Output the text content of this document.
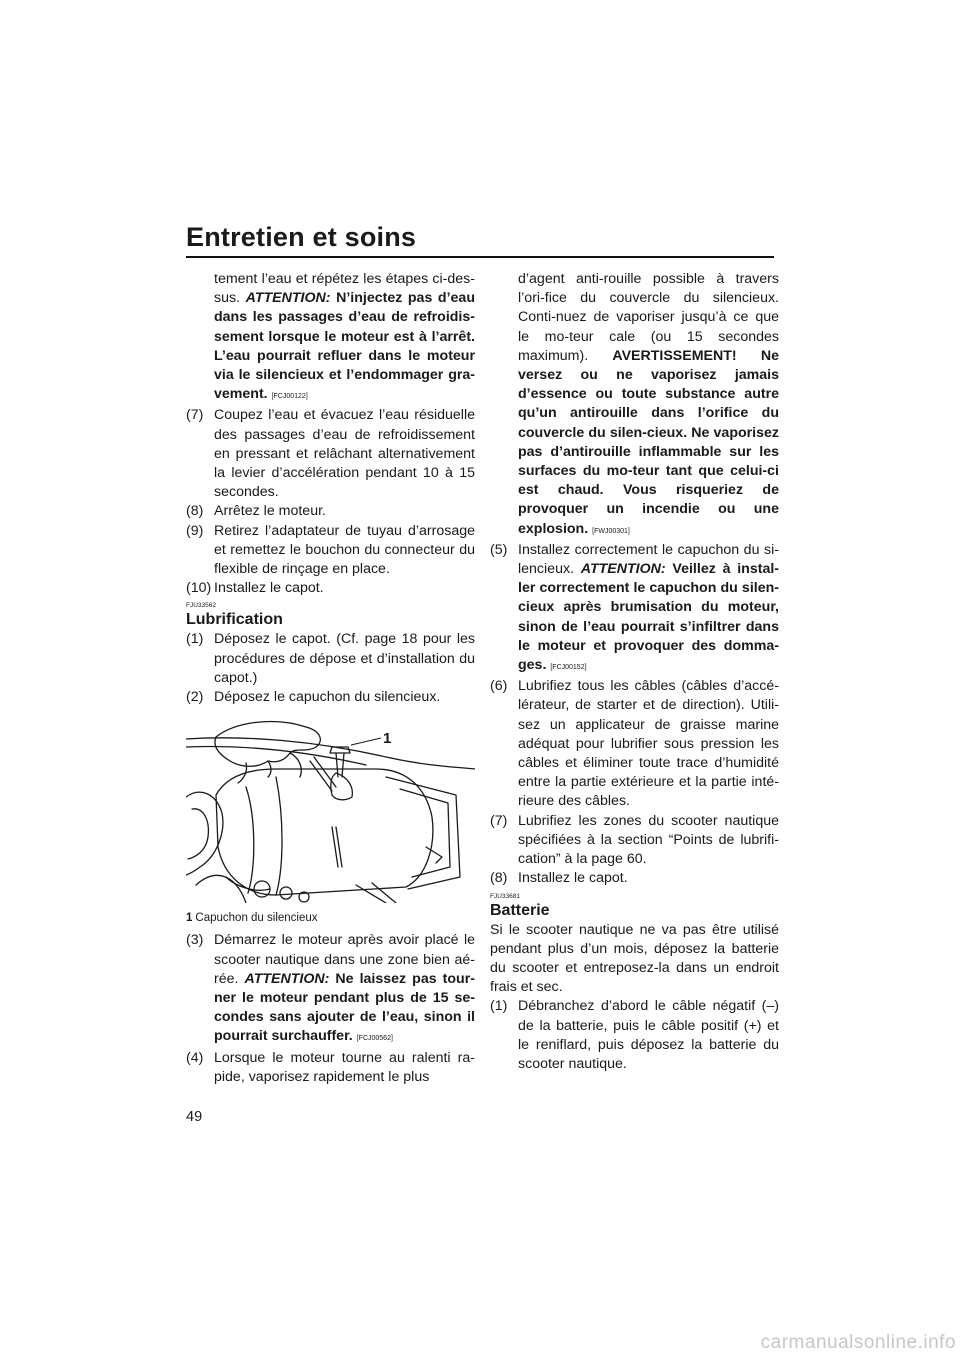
Entretien et soins

tement l’eau et répétez les étapes ci-des-sus. ATTENTION: N’injectez pas d’eau dans les passages d’eau de refroidis-sement lorsque le moteur est à l’arrêt. L’eau pourrait refluer dans le moteur via le silencieux et l’endommager gra-vement. [FCJ00122]

(7) Coupez l’eau et évacuez l’eau résiduelle des passages d’eau de refroidissement en pressant et relâchant alternativement la levier d’accélération pendant 10 à 15 secondes.
(8) Arrêtez le moteur.
(9) Retirez l’adaptateur de tuyau d’arrosage et remettez le bouchon du connecteur du flexible de rinçage en place.
(10) Installez le capot.
FJU33562
Lubrification
(1) Déposez le capot. (Cf. page 18 pour les procédures de dépose et d’installation du capot.)
(2) Déposez le capuchon du silencieux.
1
1 Capuchon du silencieux
(3) Démarrez le moteur après avoir placé le scooter nautique dans une zone bien aé-rée. ATTENTION: Ne laissez pas tour-ner le moteur pendant plus de 15 se-condes sans ajouter de l’eau, sinon il pourrait surchauffer. [FCJ00562]
(4) Lorsque le moteur tourne au ralenti ra-pide, vaporisez rapidement le plus

d’agent anti-rouille possible à travers l’ori-fice du couvercle du silencieux. Conti-nuez de vaporiser jusqu’à ce que le mo-teur cale (ou 15 secondes maximum). AVERTISSEMENT! Ne versez ou ne vaporisez jamais d’essence ou toute substance autre qu’un antirouille dans l’orifice du couvercle du silen-cieux. Ne vaporisez pas d’antirouille inflammable sur les surfaces du mo-teur tant que celui-ci est chaud. Vous risqueriez de provoquer un incendie ou une explosion. [FWJ00301]

(5) Installez correctement le capuchon du si-lencieux. ATTENTION: Veillez à instal-ler correctement le capuchon du silen-cieux après brumisation du moteur, sinon de l’eau pourrait s’infiltrer dans le moteur et provoquer des domma-ges. [FCJ00152]
(6) Lubrifiez tous les câbles (câbles d’accé-lérateur, de starter et de direction). Utili-sez un applicateur de graisse marine adéquat pour lubrifier sous pression les câbles et éliminer toute trace d’humidité entre la partie extérieure et la partie inté-rieure des câbles.
(7) Lubrifiez les zones du scooter nautique spécifiées à la section “Points de lubrifi-cation” à la page 60.
(8) Installez le capot.
FJU33681
Batterie

Si le scooter nautique ne va pas être utilisé pendant plus d’un mois, déposez la batterie du scooter et entreposez-la dans un endroit frais et sec.

(1) Débranchez d’abord le câble négatif (–) de la batterie, puis le câble positif (+) et le reniflard, puis déposez la batterie du scooter nautique.
49
carmanualsonline.info
